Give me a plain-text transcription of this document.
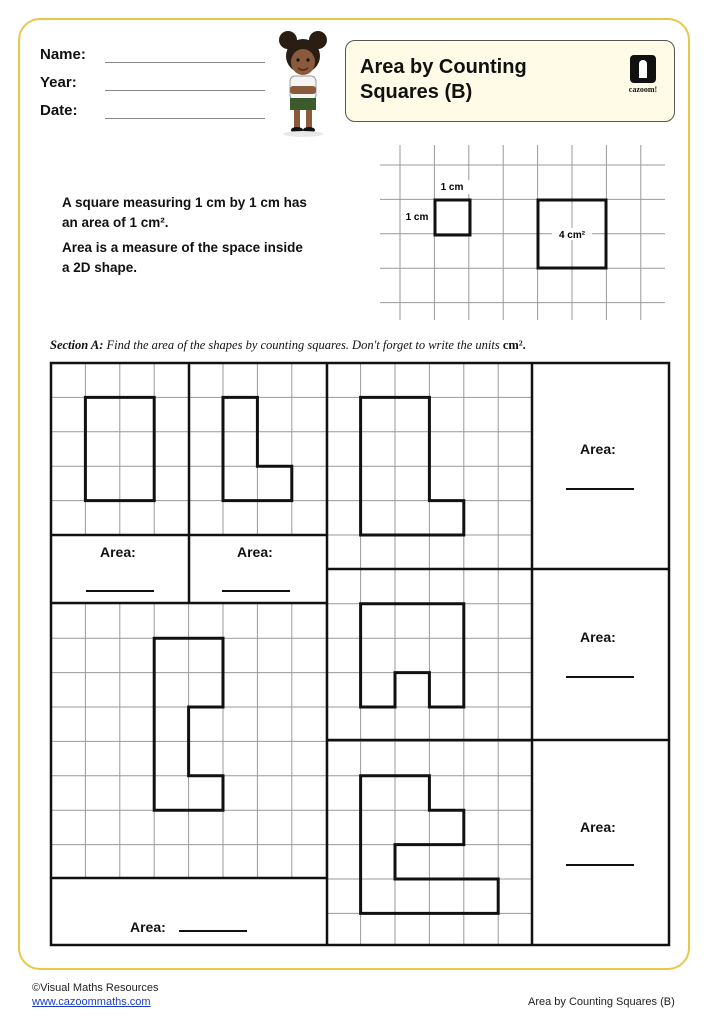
Name:
Year:
Date:
Area by Counting Squares (B)	cazoom!
A square measuring 1 cm by 1 cm has
an area of 1 cm².
Area is a measure of the space inside
a 2D shape.
1 cm
1 cm
4 cm²
Section A: Find the area of the shapes by counting squares. Don't forget to write the units cm².
Area:	Area:
Area:
Area:
Area:
Area:
©Visual Maths Resources
www.cazoommaths.com	Area by Counting Squares (B)
